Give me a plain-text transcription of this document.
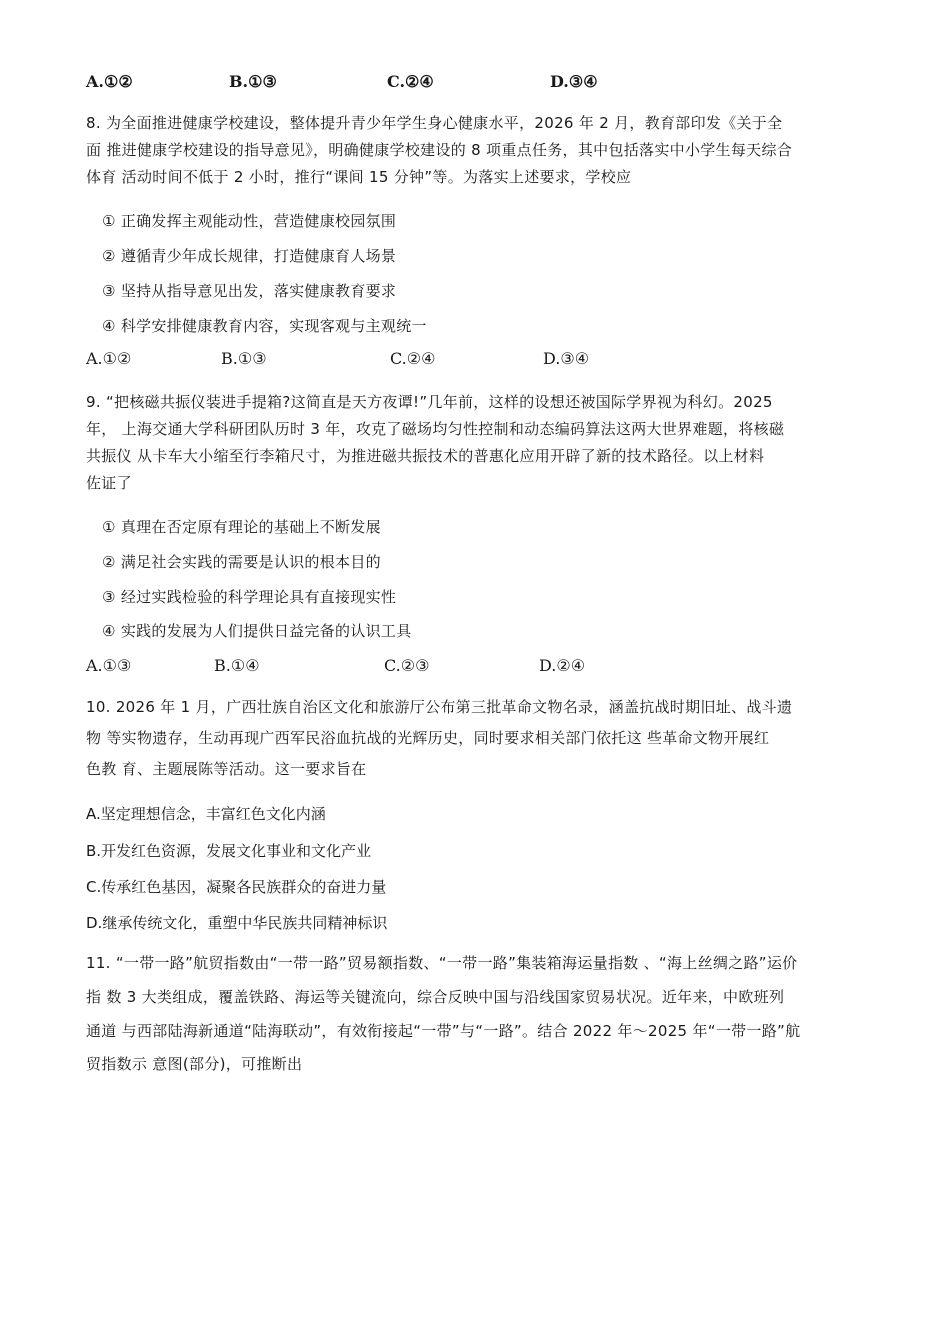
A.①②	B.①③	C.②④	D.③④
8. 为全面推进健康学校建设，整体提升青少年学生身心健康水平，2026 年 2 月，教育部印发《关于全
面 推进健康学校建设的指导意见》，明确健康学校建设的 8 项重点任务，其中包括落实中小学生每天综合
体育 活动时间不低于 2 小时，推行“课间 15 分钟”等。为落实上述要求，学校应
① 正确发挥主观能动性，营造健康校园氛围
② 遵循青少年成长规律，打造健康育人场景
③ 坚持从指导意见出发，落实健康教育要求
④ 科学安排健康教育内容，实现客观与主观统一
A.①②	B.①③	C.②④	D.③④
9. “把核磁共振仪装进手提箱?这简直是天方夜谭!”几年前，这样的设想还被国际学界视为科幻。2025
年， 上海交通大学科研团队历时 3 年，攻克了磁场均匀性控制和动态编码算法这两大世界难题，将核磁
共振仪 从卡车大小缩至行李箱尺寸，为推进磁共振技术的普惠化应用开辟了新的技术路径。以上材料
佐证了
① 真理在否定原有理论的基础上不断发展
② 满足社会实践的需要是认识的根本目的
③ 经过实践检验的科学理论具有直接现实性
④ 实践的发展为人们提供日益完备的认识工具
A.①③	B.①④	C.②③	D.②④
10. 2026 年 1 月，广西壮族自治区文化和旅游厅公布第三批革命文物名录，涵盖抗战时期旧址、战斗遗
物 等实物遗存，生动再现广西军民浴血抗战的光辉历史，同时要求相关部门依托这 些革命文物开展红
色教 育、主题展陈等活动。这一要求旨在
A.坚定理想信念，丰富红色文化内涵
B.开发红色资源，发展文化事业和文化产业
C.传承红色基因，凝聚各民族群众的奋进力量
D.继承传统文化，重塑中华民族共同精神标识
11. “一带一路”航贸指数由“一带一路”贸易额指数、“一带一路”集装箱海运量指数 、“海上丝绸之路”运价
指 数 3 大类组成，覆盖铁路、海运等关键流向，综合反映中国与沿线国家贸易状况。近年来，中欧班列
通道 与西部陆海新通道“陆海联动”，有效衔接起“一带”与“一路”。结合 2022 年～2025 年“一带一路”航
贸指数示 意图(部分)，可推断出
